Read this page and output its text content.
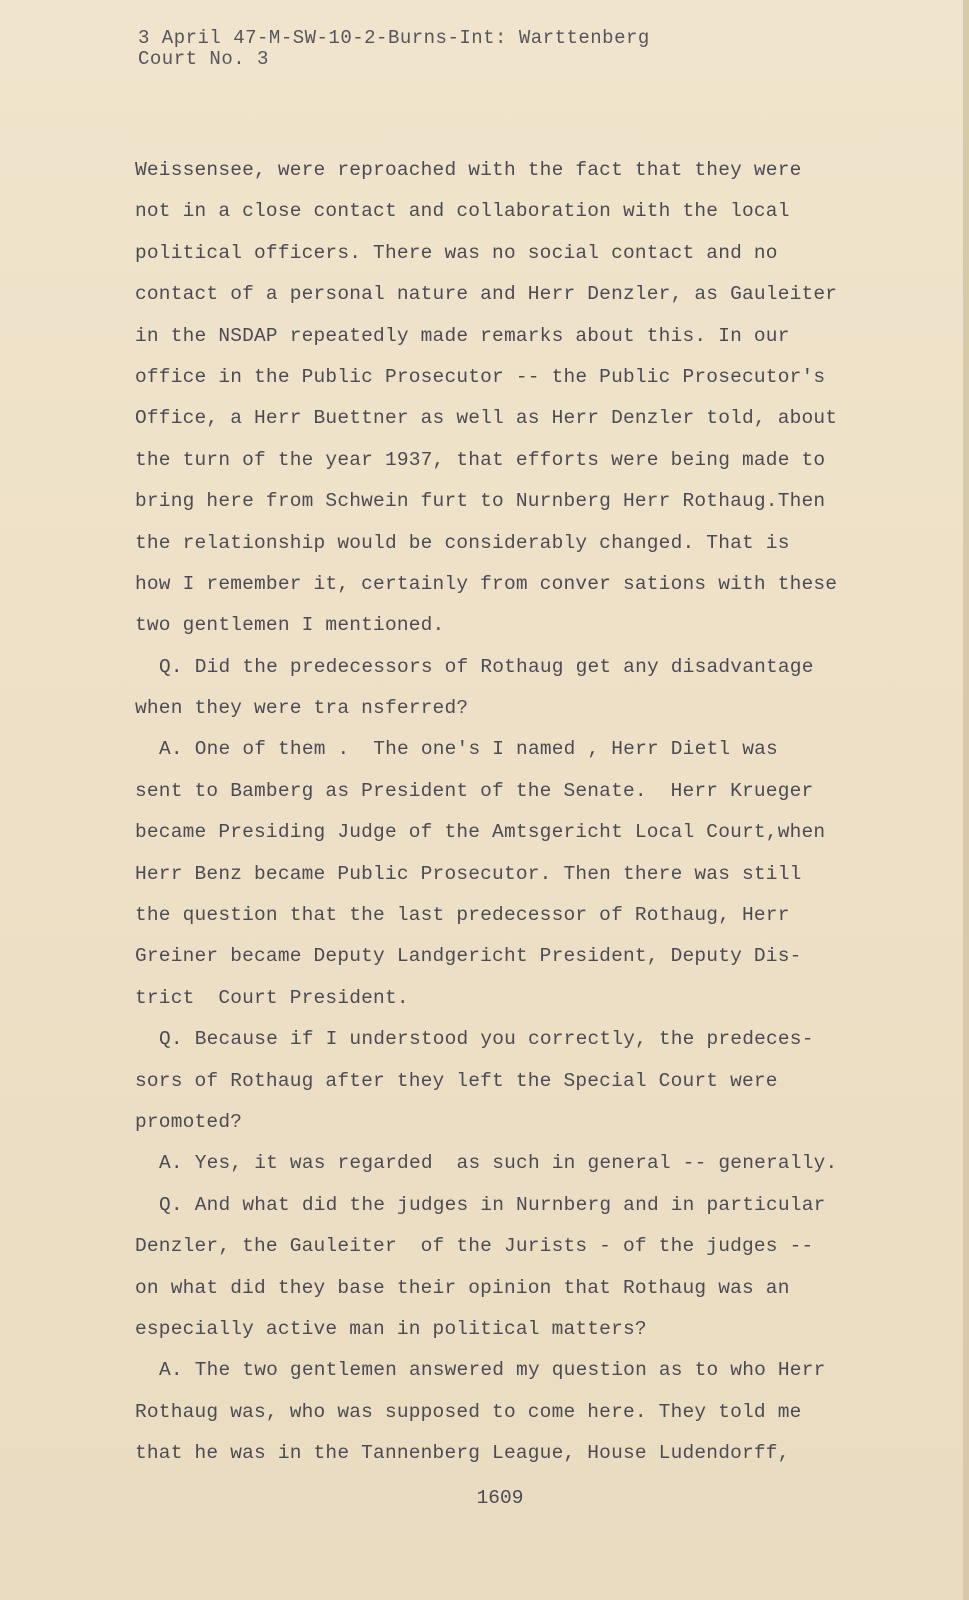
3 April 47-M-SW-10-2-Burns-Int: Warttenberg
Court No. 3
Weissensee, were reproached with the fact that they were
not in a close contact and collaboration with the local
political officers. There was no social contact and no
contact of a personal nature and Herr Denzler, as Gauleiter
in the NSDAP repeatedly made remarks about this. In our
office in the Public Prosecutor -- the Public Prosecutor's
Office, a Herr Buettner as well as Herr Denzler told, about
the turn of the year 1937, that efforts were being made to
bring here from Schwein furt to Nurnberg Herr Rothaug.Then
the relationship would be considerably changed. That is
how I remember it, certainly from conver sations with these
two gentlemen I mentioned.
Q. Did the predecessors of Rothaug get any disadvantage
when they were tra nsferred?
A. One of them .  The one's I named , Herr Dietl was
sent to Bamberg as President of the Senate.  Herr Krueger
became Presiding Judge of the Amtsgericht Local Court,when
Herr Benz became Public Prosecutor. Then there was still
the question that the last predecessor of Rothaug, Herr
Greiner became Deputy Landgericht President, Deputy Dis-
trict  Court President.
Q. Because if I understood you correctly, the predeces-
sors of Rothaug after they left the Special Court were
promoted?
A. Yes, it was regarded  as such in general -- generally.
Q. And what did the judges in Nurnberg and in particular
Denzler, the Gauleiter  of the Jurists - of the judges --
on what did they base their opinion that Rothaug was an
especially active man in political matters?
A. The two gentlemen answered my question as to who Herr
Rothaug was, who was supposed to come here. They told me
that he was in the Tannenberg League, House Ludendorff,
1609
